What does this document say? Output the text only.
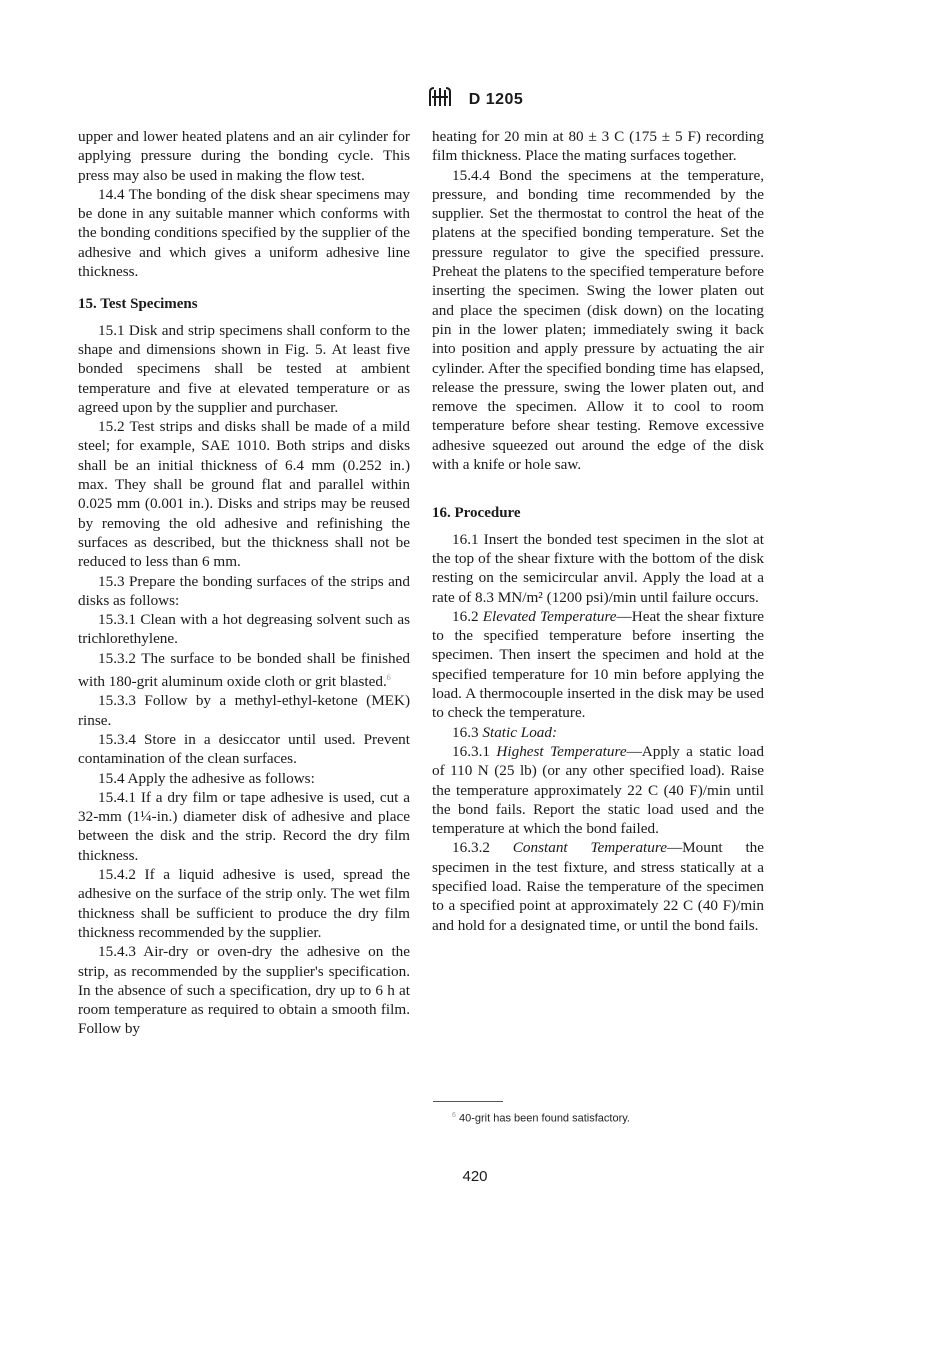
D 1205

upper and lower heated platens and an air cylinder for applying pressure during the bonding cycle. This press may also be used in making the flow test.

14.4 The bonding of the disk shear specimens may be done in any suitable manner which conforms with the bonding conditions specified by the supplier of the adhesive and which gives a uniform adhesive line thickness.

15. Test Specimens

15.1 Disk and strip specimens shall conform to the shape and dimensions shown in Fig. 5. At least five bonded specimens shall be tested at ambient temperature and five at elevated temperature or as agreed upon by the supplier and purchaser.

15.2 Test strips and disks shall be made of a mild steel; for example, SAE 1010. Both strips and disks shall be an initial thickness of 6.4 mm (0.252 in.) max. They shall be ground flat and parallel within 0.025 mm (0.001 in.). Disks and strips may be reused by removing the old adhesive and refinishing the surfaces as described, but the thickness shall not be reduced to less than 6 mm.

15.3 Prepare the bonding surfaces of the strips and disks as follows:

15.3.1 Clean with a hot degreasing solvent such as trichlorethylene.

15.3.2 The surface to be bonded shall be finished with 180-grit aluminum oxide cloth or grit blasted.$^6$

15.3.3 Follow by a methyl-ethyl-ketone (MEK) rinse.

15.3.4 Store in a desiccator until used. Prevent contamination of the clean surfaces.

15.4 Apply the adhesive as follows:

15.4.1 If a dry film or tape adhesive is used, cut a 32-mm (1¼-in.) diameter disk of adhesive and place between the disk and the strip. Record the dry film thickness.

15.4.2 If a liquid adhesive is used, spread the adhesive on the surface of the strip only. The wet film thickness shall be sufficient to produce the dry film thickness recommended by the supplier.

15.4.3 Air-dry or oven-dry the adhesive on the strip, as recommended by the supplier's specification. In the absence of such a specification, dry up to 6 h at room temperature as required to obtain a smooth film. Follow by

heating for 20 min at 80 ± 3 C (175 ± 5 F) recording film thickness. Place the mating surfaces together.

15.4.4 Bond the specimens at the temperature, pressure, and bonding time recommended by the supplier. Set the thermostat to control the heat of the platens at the specified bonding temperature. Set the pressure regulator to give the specified pressure. Preheat the platens to the specified temperature before inserting the specimen. Swing the lower platen out and place the specimen (disk down) on the locating pin in the lower platen; immediately swing it back into position and apply pressure by actuating the air cylinder. After the specified bonding time has elapsed, release the pressure, swing the lower platen out, and remove the specimen. Allow it to cool to room temperature before shear testing. Remove excessive adhesive squeezed out around the edge of the disk with a knife or hole saw.

16. Procedure

16.1 Insert the bonded test specimen in the slot at the top of the shear fixture with the bottom of the disk resting on the semicircular anvil. Apply the load at a rate of 8.3 MN/m² (1200 psi)/min until failure occurs.

16.2 Elevated Temperature—Heat the shear fixture to the specified temperature before inserting the specimen. Then insert the specimen and hold at the specified temperature for 10 min before applying the load. A thermocouple inserted in the disk may be used to check the temperature.

16.3 Static Load:

16.3.1 Highest Temperature—Apply a static load of 110 N (25 lb) (or any other specified load). Raise the temperature approximately 22 C (40 F)/min until the bond fails. Report the static load used and the temperature at which the bond failed.

16.3.2 Constant Temperature—Mount the specimen in the test fixture, and stress statically at a specified load. Raise the temperature of the specimen to a specified point at approximately 22 C (40 F)/min and hold for a designated time, or until the bond fails.

$^6$ 40-grit has been found satisfactory.
420
